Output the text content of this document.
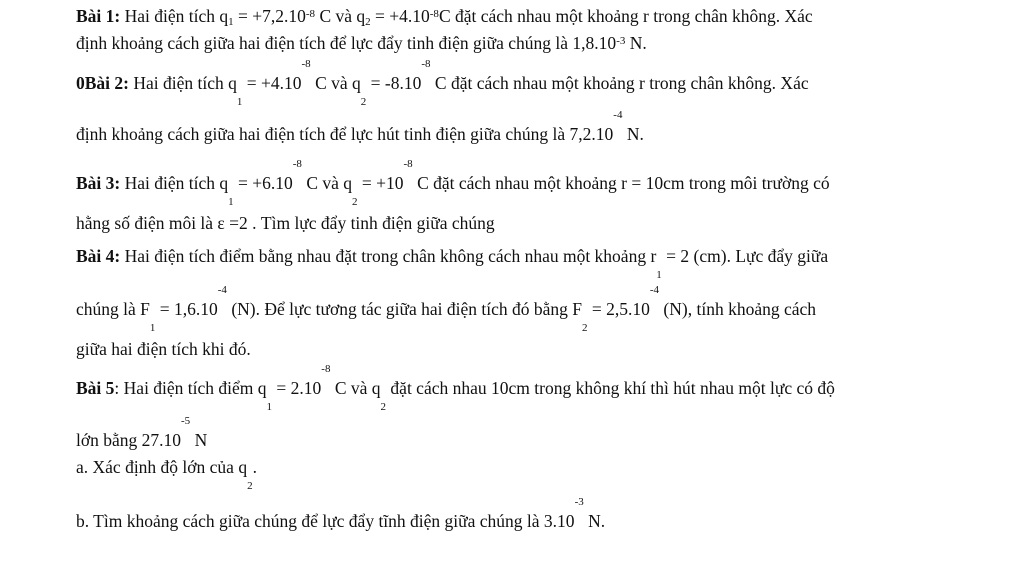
Bài 1: Hai điện tích $q_1 = +7,2.10^{-8}$ C và $q_2 = +4.10^{-8}C$ đặt cách nhau một khoảng r trong chân không. Xác
định khoảng cách giữa hai điện tích để lực đẩy tinh điện giữa chúng là $1,8.10^{-3}$ N.
0Bài 2: Hai điện tích q1 = +4.10-8 C và q2 = -8.10-8 C đặt cách nhau một khoảng r trong chân không. Xác
định khoảng cách giữa hai điện tích để lực hút tinh điện giữa chúng là 7,2.10-4 N.
Bài 3: Hai điện tích q1 = +6.10-8 C và q2 = +10-8 C đặt cách nhau một khoảng r = 10cm trong môi trường có
hằng số điện môi là ε =2 . Tìm lực đẩy tinh điện giữa chúng
Bài 4: Hai điện tích điểm bằng nhau đặt trong chân không cách nhau một khoảng r1 = 2 (cm). Lực đẩy giữa
chúng là F1 = 1,6.10-4 (N). Để lực tương tác giữa hai điện tích đó bằng F2 = 2,5.10-4 (N), tính khoảng cách
giữa hai điện tích khi đó.
Bài 5: Hai điện tích điểm q1 = 2.10-8 C và q2 đặt cách nhau 10cm trong không khí thì hút nhau một lực có độ
lớn bằng 27.10-5 N
a. Xác định độ lớn của q2.
b. Tìm khoảng cách giữa chúng để lực đẩy tĩnh điện giữa chúng là 3.10-3 N.
